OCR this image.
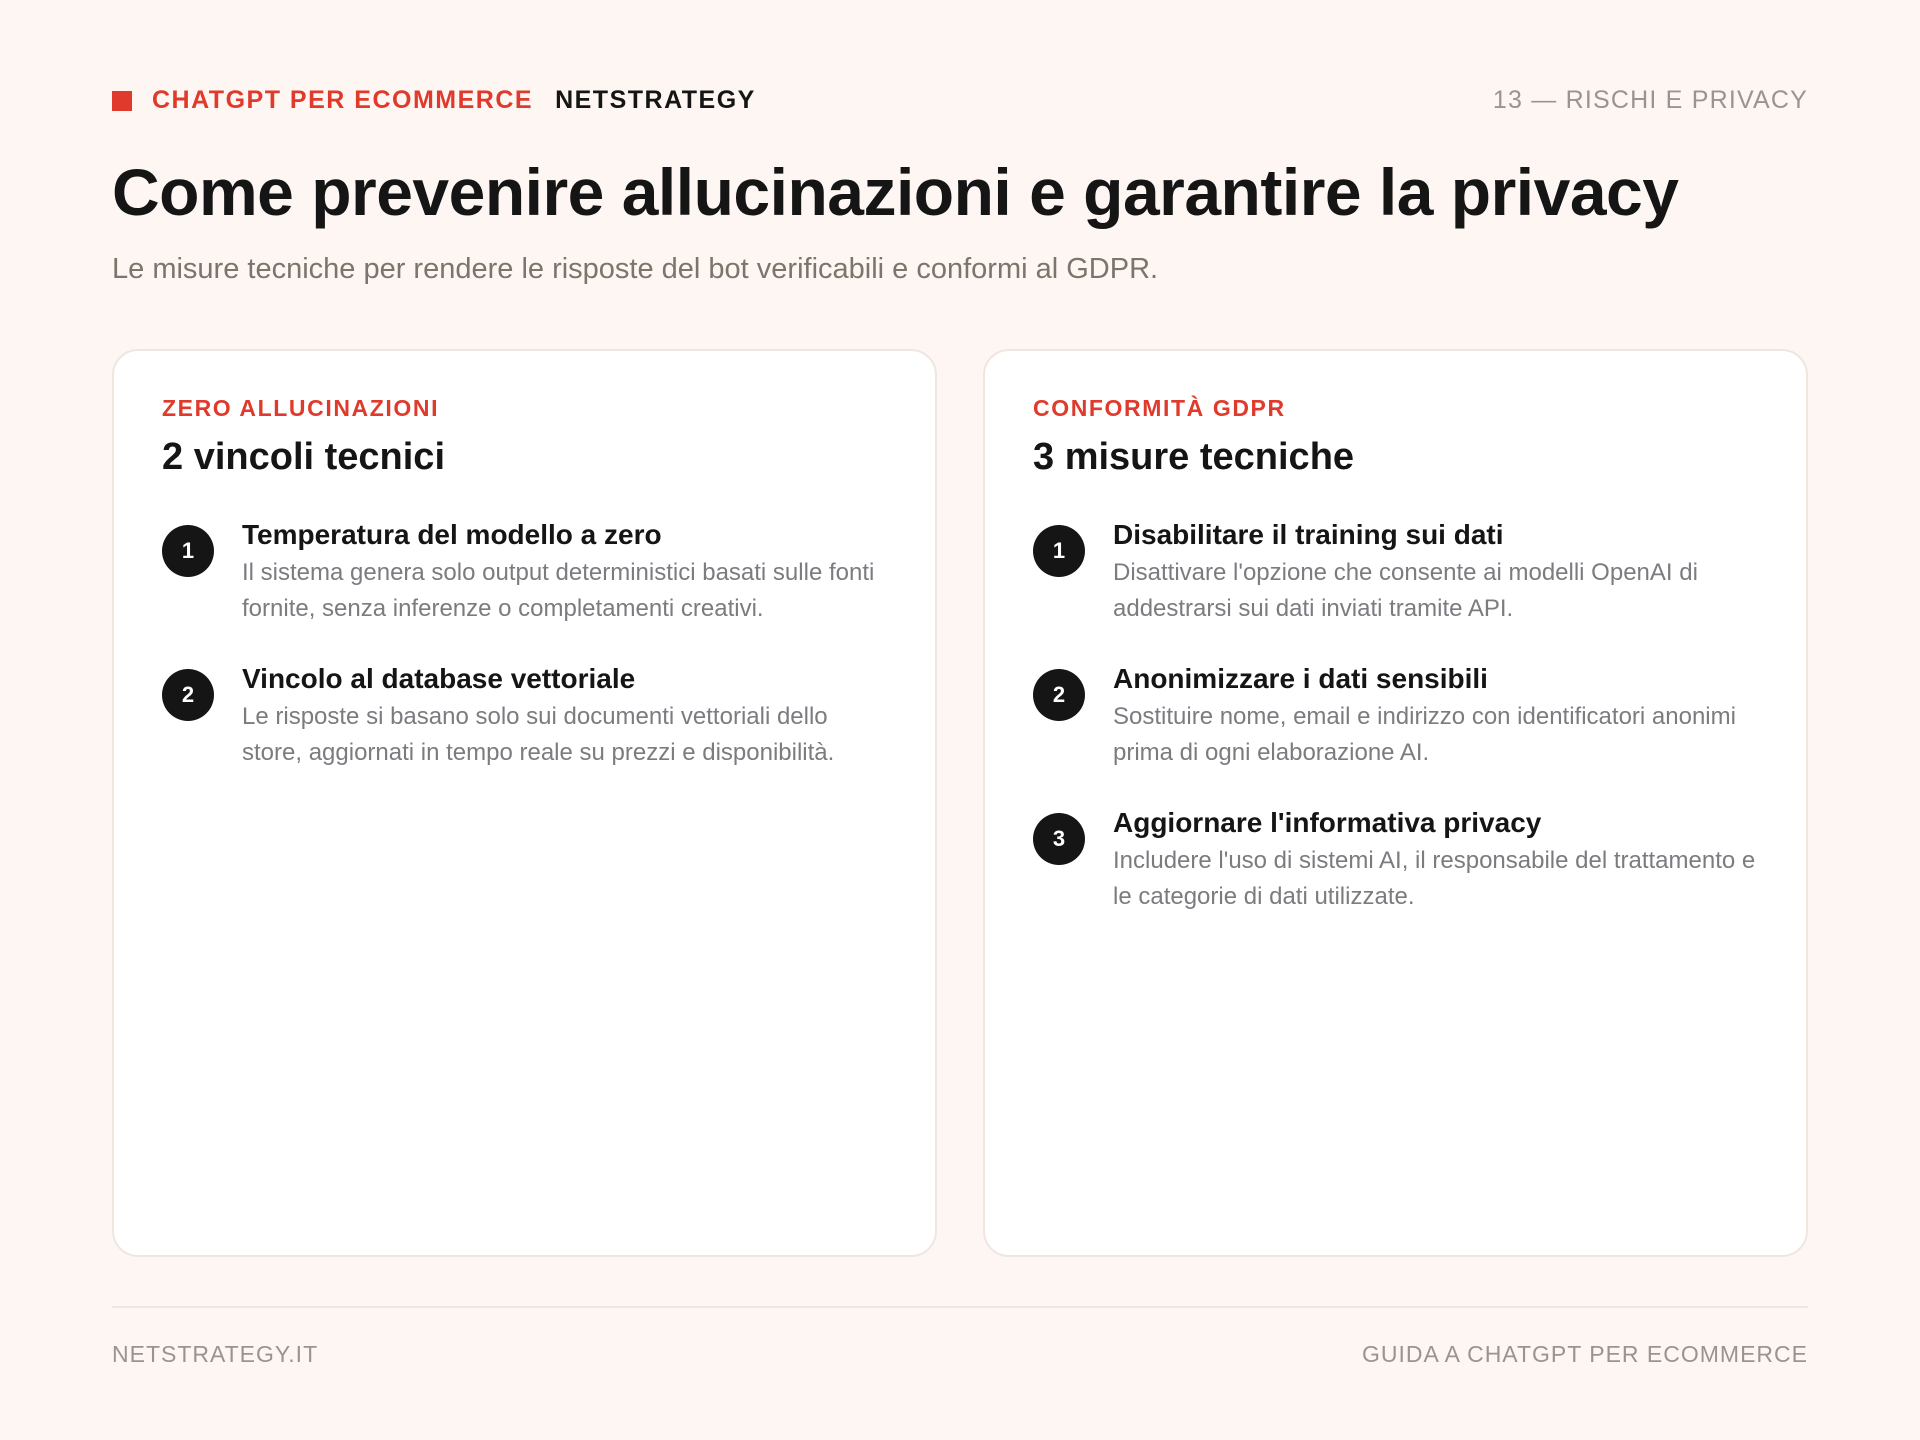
CHATGPT PER ECOMMERCE NETSTRATEGY	13 — RISCHI E PRIVACY
Come prevenire allucinazioni e garantire la privacy

Le misure tecniche per rendere le risposte del bot verificabili e conformi al GDPR.

ZERO ALLUCINAZIONI
2 vincoli tecnici
1
Temperatura del modello a zero
Il sistema genera solo output deterministici basati sulle fonti fornite, senza inferenze o completamenti creativi.
2
Vincolo al database vettoriale
Le risposte si basano solo sui documenti vettoriali dello store, aggiornati in tempo reale su prezzi e disponibilità.
CONFORMITÀ GDPR
3 misure tecniche
1
Disabilitare il training sui dati
Disattivare l'opzione che consente ai modelli OpenAI di addestrarsi sui dati inviati tramite API.
2
Anonimizzare i dati sensibili
Sostituire nome, email e indirizzo con identificatori anonimi prima di ogni elaborazione AI.
3
Aggiornare l'informativa privacy
Includere l'uso di sistemi AI, il responsabile del trattamento e le categorie di dati utilizzate.
NETSTRATEGY.IT	GUIDA A CHATGPT PER ECOMMERCE
